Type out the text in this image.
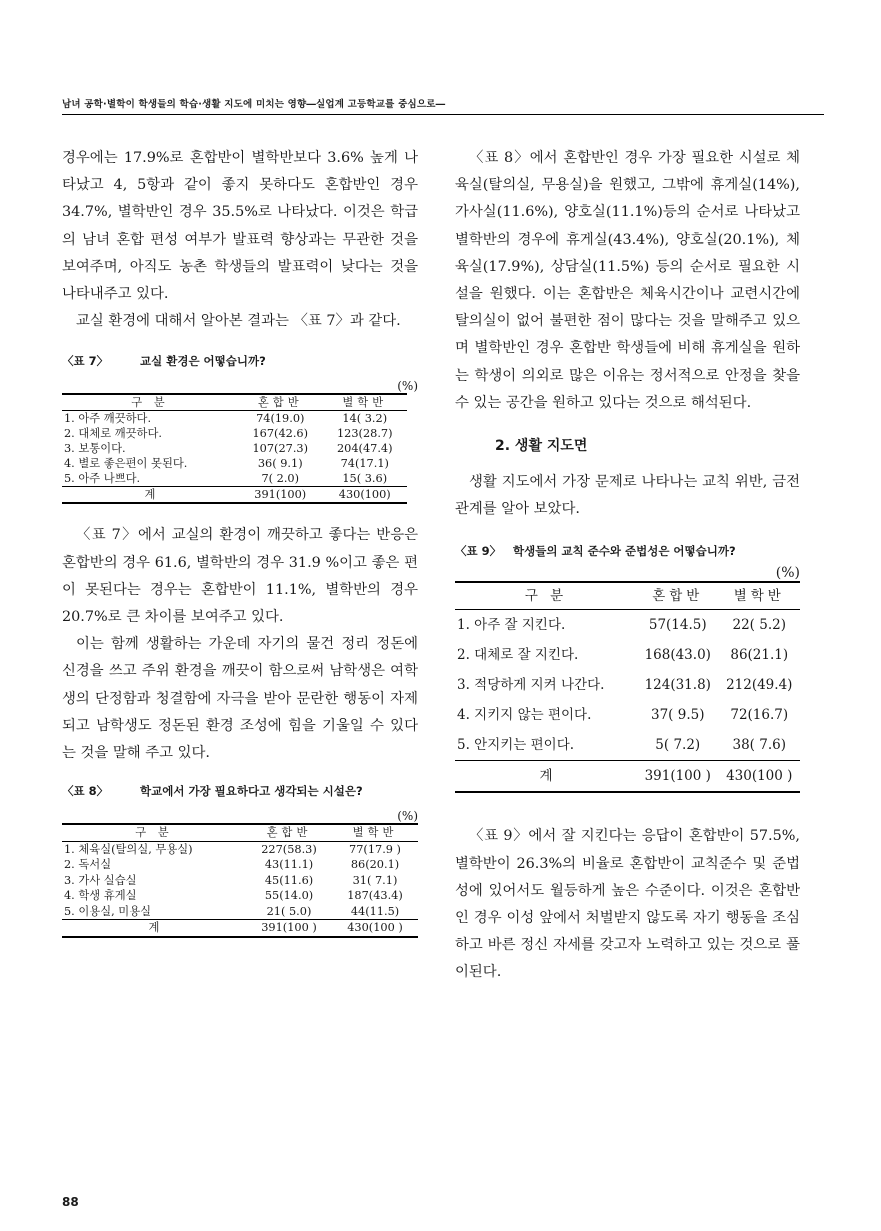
남녀 공학·별학이 학생들의 학습·생활 지도에 미치는 영향―실업계 고등학교를 중심으로―

경우에는 17.9%로 혼합반이 별학반보다 3.6% 높게 나타났고 4, 5항과 같이 좋지 못하다도 혼합반인 경우 34.7%, 별학반인 경우 35.5%로 나타났다. 이것은 학급의 남녀 혼합 편성 여부가 발표력 향상과는 무관한 것을 보여주며, 아직도 농촌 학생들의 발표력이 낮다는 것을 나타내주고 있다.

교실 환경에 대해서 알아본 결과는 〈표 7〉과 같다.

〈표 7〉	교실 환경은 어떻습니까?
(%)
구 분	혼합반	별학반
1. 아주 깨끗하다.	74(19.0)	14( 3.2)
2. 대체로 깨끗하다.	167(42.6)	123(28.7)
3. 보통이다.	107(27.3)	204(47.4)
4. 별로 좋은편이 못된다.	36( 9.1)	74(17.1)
5. 아주 나쁘다.	7( 2.0)	15( 3.6)
계	391(100)	430(100)

〈표 7〉에서 교실의 환경이 깨끗하고 좋다는 반응은 혼합반의 경우 61.6, 별학반의 경우 31.9 %이고 좋은 편이 못된다는 경우는 혼합반이 11.1%, 별학반의 경우 20.7%로 큰 차이를 보여주고 있다.

이는 함께 생활하는 가운데 자기의 물건 정리 정돈에 신경을 쓰고 주위 환경을 깨끗이 함으로써 남학생은 여학생의 단정함과 청결함에 자극을 받아 문란한 행동이 자제되고 남학생도 정돈된 환경 조성에 힘을 기울일 수 있다는 것을 말해 주고 있다.

〈표 8〉	학교에서 가장 필요하다고 생각되는 시설은?
(%)
구 분	혼합반	별학반
1. 체육실(탈의실, 무용실)	227(58.3)	77(17.9 )
2. 독서실	43(11.1)	86(20.1)
3. 가사 실습실	45(11.6)	31( 7.1)
4. 학생 휴게실	55(14.0)	187(43.4)
5. 이용실, 미용실	21( 5.0)	44(11.5)
계	391(100 )	430(100 )

〈표 8〉에서 혼합반인 경우 가장 필요한 시설로 체육실(탈의실, 무용실)을 원했고, 그밖에 휴게실(14%), 가사실(11.6%), 양호실(11.1%)등의 순서로 나타났고 별학반의 경우에 휴게실(43.4%), 양호실(20.1%), 체육실(17.9%), 상담실(11.5%) 등의 순서로 필요한 시설을 원했다. 이는 혼합반은 체육시간이나 교련시간에 탈의실이 없어 불편한 점이 많다는 것을 말해주고 있으며 별학반인 경우 혼합반 학생들에 비해 휴게실을 원하는 학생이 의외로 많은 이유는 정서적으로 안정을 찾을 수 있는 공간을 원하고 있다는 것으로 해석된다.

2. 생활 지도면

생활 지도에서 가장 문제로 나타나는 교칙 위반, 금전 관계를 알아 보았다.

〈표 9〉	학생들의 교칙 준수와 준법성은 어떻습니까?
(%)
구 분	혼합반	별학반
1. 아주 잘 지킨다.	57(14.5)	22( 5.2)
2. 대체로 잘 지킨다.	168(43.0)	86(21.1)
3. 적당하게 지켜 나간다.	124(31.8)	212(49.4)
4. 지키지 않는 편이다.	37( 9.5)	72(16.7)
5. 안지키는 편이다.	5( 7.2)	38( 7.6)
계	391(100 )	430(100 )

〈표 9〉에서 잘 지킨다는 응답이 혼합반이 57.5%, 별학반이 26.3%의 비율로 혼합반이 교칙준수 및 준법성에 있어서도 월등하게 높은 수준이다. 이것은 혼합반인 경우 이성 앞에서 처벌받지 않도록 자기 행동을 조심하고 바른 정신 자세를 갖고자 노력하고 있는 것으로 풀이된다.

88
